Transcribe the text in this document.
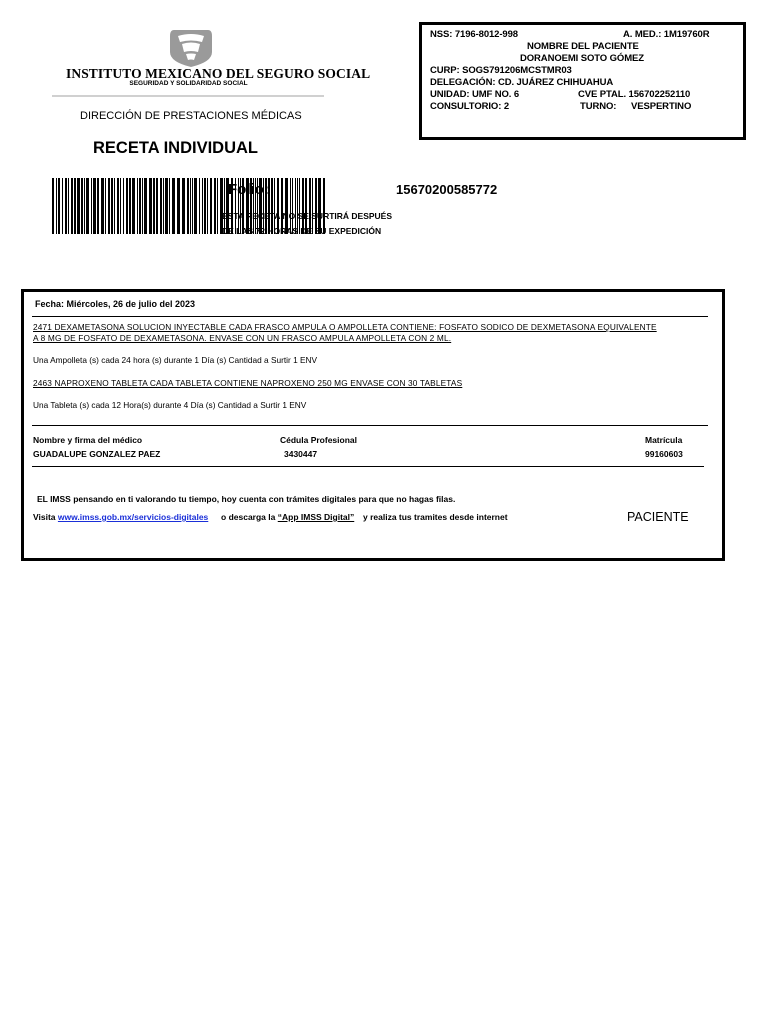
INSTITUTO MEXICANO DEL SEGURO SOCIAL
SEGURIDAD Y SOLIDARIDAD SOCIAL
DIRECCIÓN DE PRESTACIONES MÉDICAS
RECETA INDIVIDUAL
Folio:	15670200585772
ESTA RECETA NO SE SURTIRÁ DESPUÉS
DE LAS 72 HORAS DE SU EXPEDICIÓN
NSS: 7196-8012-998	A. MED.: 1M19760R
NOMBRE DEL PACIENTE
DORANOEMI SOTO GÓMEZ
CURP: SOGS791206MCSTMR03
DELEGACIÓN: CD. JUÁREZ CHIHUAHUA
UNIDAD: UMF NO. 6	CVE PTAL. 156702252110
CONSULTORIO: 2	TURNO: VESPERTINO
Fecha: Miércoles, 26 de julio del 2023
2471 DEXAMETASONA SOLUCION INYECTABLE CADA FRASCO AMPULA O AMPOLLETA CONTIENE: FOSFATO SODICO DE DEXMETASONA EQUIVALENTE
A 8 MG DE FOSFATO DE DEXAMETASONA. ENVASE CON UN FRASCO AMPULA AMPOLLETA CON 2 ML.
Una Ampolleta (s) cada 24 hora (s) durante 1 Día (s) Cantidad a Surtir 1 ENV
2463 NAPROXENO TABLETA CADA TABLETA CONTIENE NAPROXENO 250 MG ENVASE CON 30 TABLETAS
Una Tableta (s) cada 12 Hora(s) durante 4 Día (s) Cantidad a Surtir 1 ENV
Nombre y firma del médico	Cédula Profesional	Matrícula
GUADALUPE GONZALEZ PAEZ	3430447	99160603
EL IMSS pensando en ti valorando tu tiempo, hoy cuenta con trámites digitales para que no hagas filas.
Visita www.imss.gob.mx/servicios-digitales o descarga la “App IMSS Digital” y realiza tus tramites desde internet	PACIENTE
